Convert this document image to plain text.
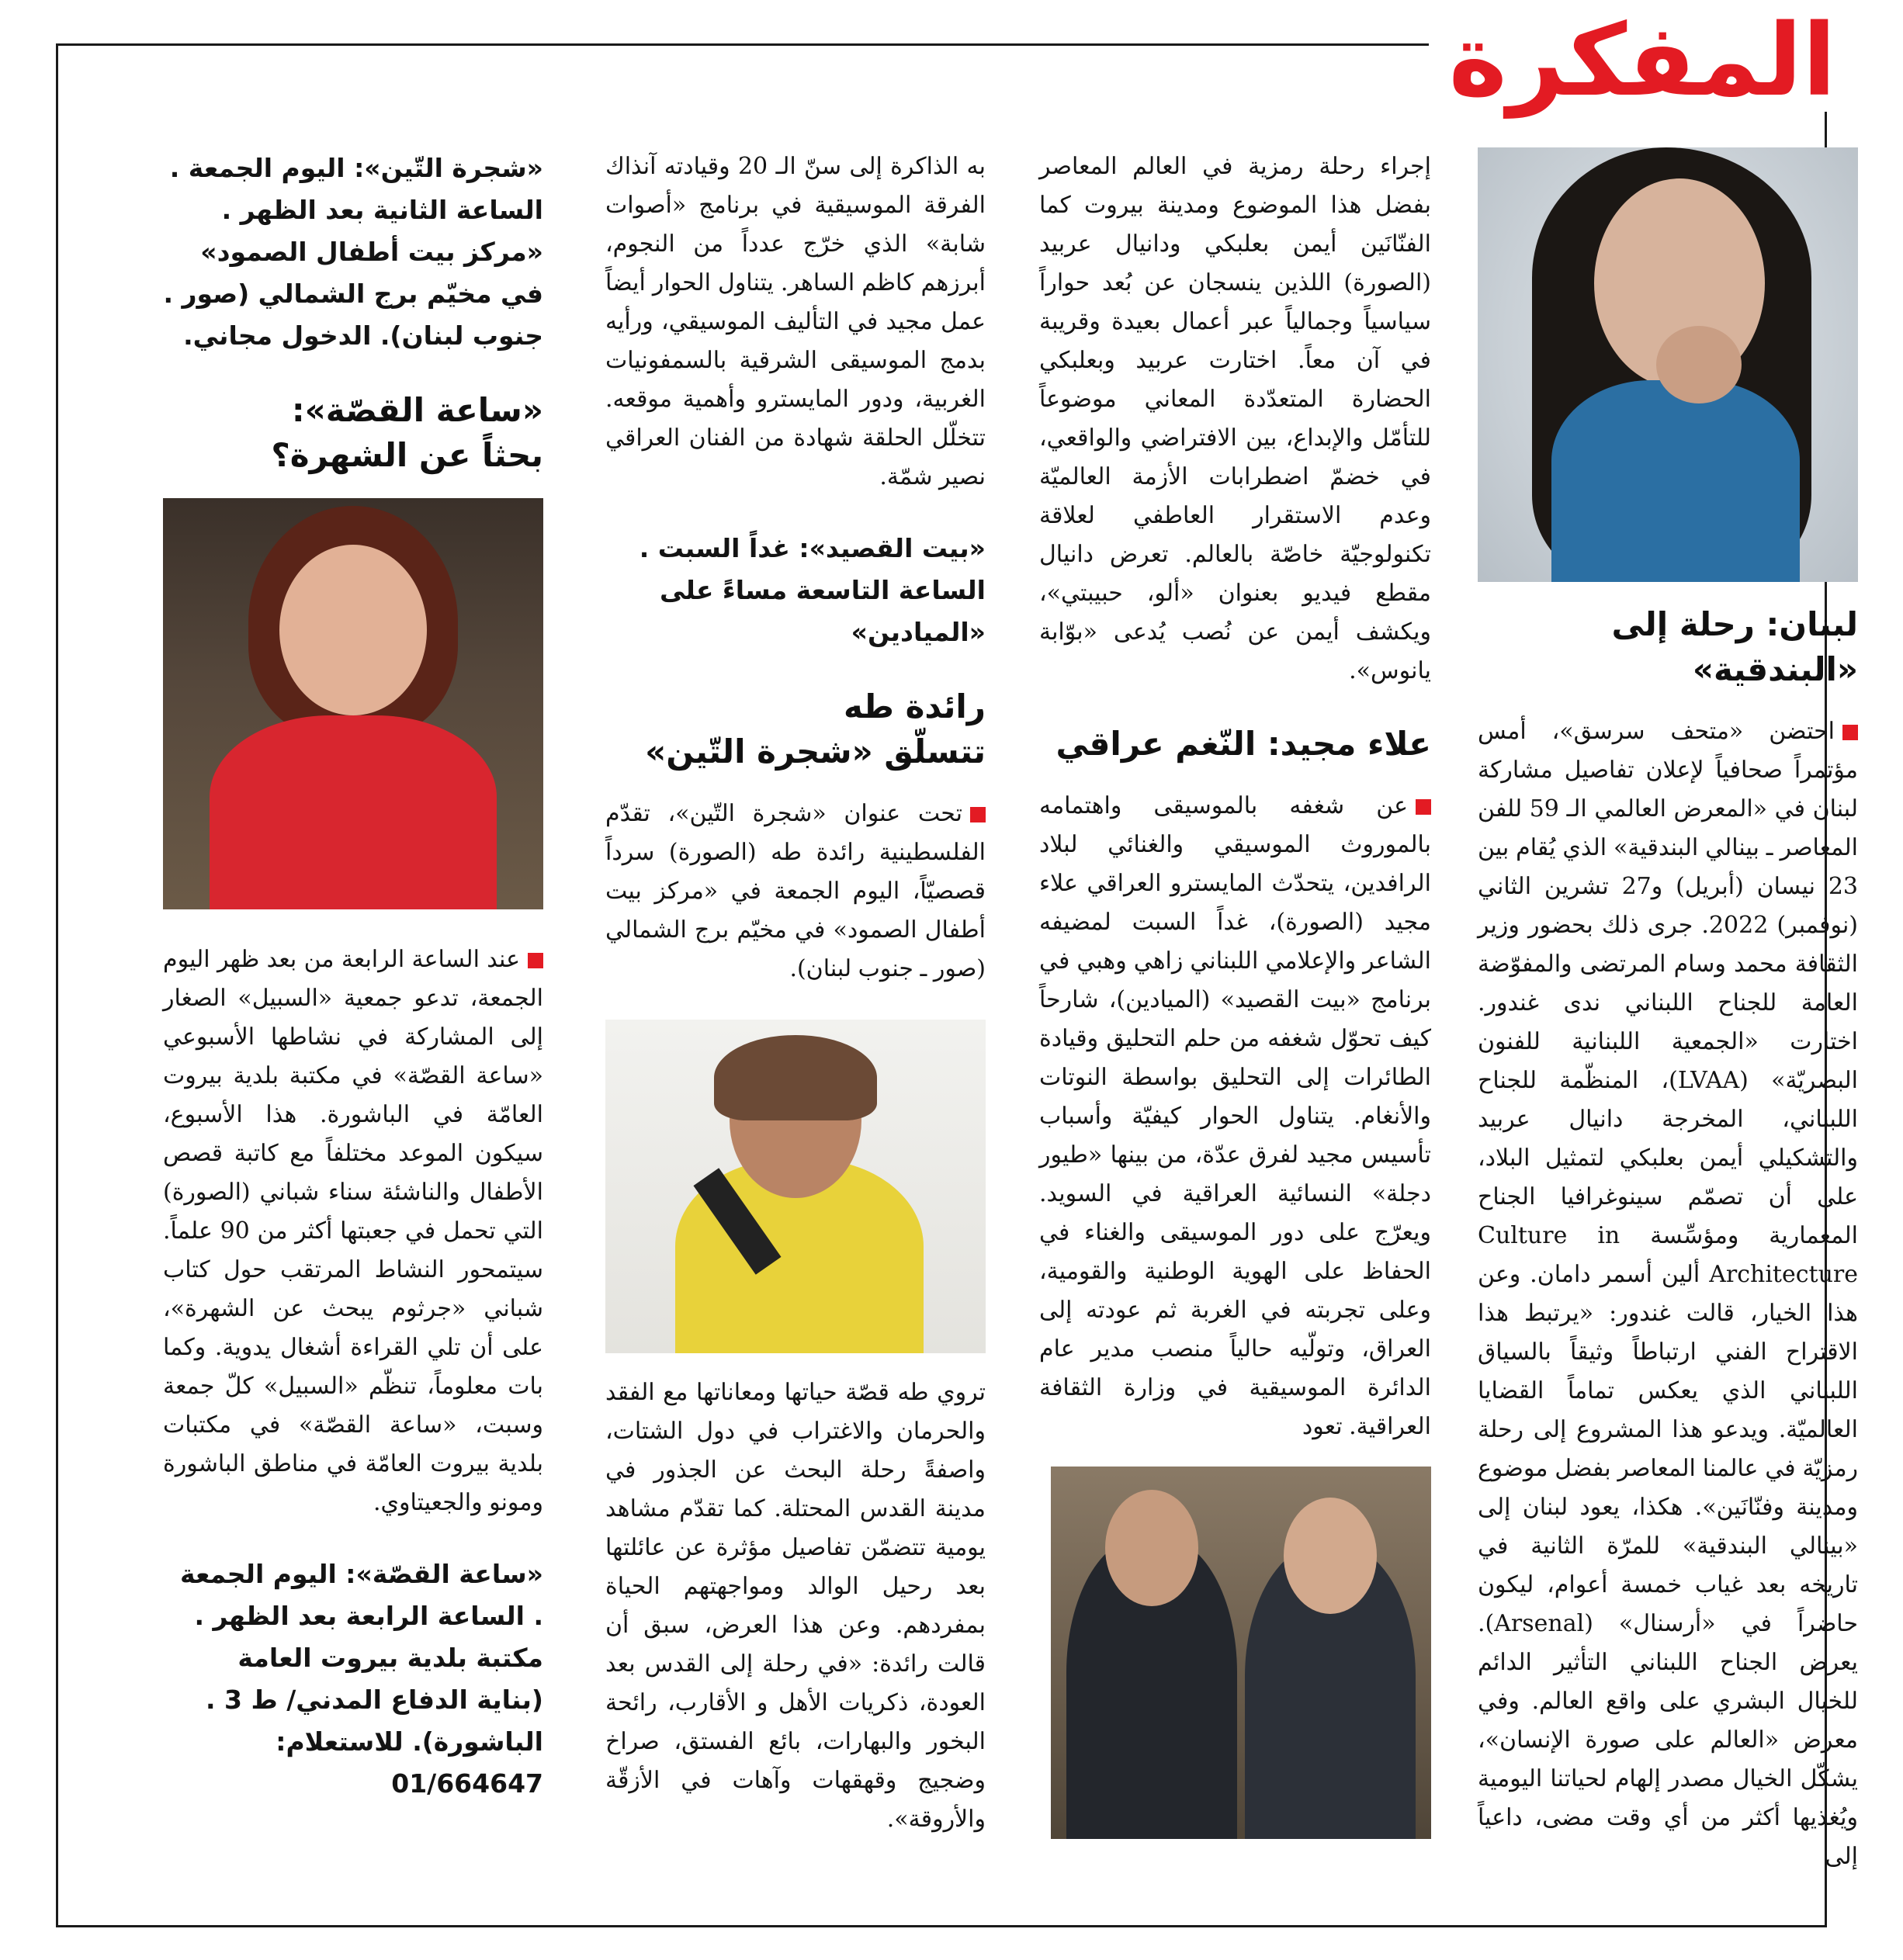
المفكرة
لبنان: رحلة إلى «البندقية»

احتضن «متحف سرسق»، أمس مؤتمراً صحافياً لإعلان تفاصيل مشاركة لبنان في «المعرض العالمي الـ 59 للفن المعاصر ـ بينالي البندقية» الذي يُقام بين 23 نيسان (أبريل) و27 تشرين الثاني (نوفمبر) 2022. جرى ذلك بحضور وزير الثقافة محمد وسام المرتضى والمفوّضة العامة للجناح اللبناني ندى غندور. اختارت «الجمعية اللبنانية للفنون البصريّة» (LVAA)، المنظّمة للجناح اللبناني، المخرجة دانيال عربيد والتشكيلي أيمن بعلبكي لتمثيل البلاد، على أن تصمّم سينوغرافيا الجناح المعمارية ومؤسِّسة Culture in Architecture ألين أسمر دامان. وعن هذا الخيار، قالت غندور: «يرتبط هذا الاقتراح الفني ارتباطاً وثيقاً بالسياق اللبناني الذي يعكس تماماً القضايا العالميّة. ويدعو هذا المشروع إلى رحلة رمزيّة في عالمنا المعاصر بفضل موضوع ومدينة وفنّانَين». هكذا، يعود لبنان إلى «بينالي البندقية» للمرّة الثانية في تاريخه بعد غياب خمسة أعوام، ليكون حاضراً في «أرسنال» (Arsenal). يعرض الجناح اللبناني التأثير الدائم للخيال البشري على واقع العالم. وفي معرض «العالم على صورة الإنسان»، يشكّل الخيال مصدر إلهام لحياتنا اليومية ويُغذيها أكثر من أي وقت مضى، داعياً إلى

إجراء رحلة رمزية في العالم المعاصر بفضل هذا الموضوع ومدينة بيروت كما الفنّانَين أيمن بعلبكي ودانيال عربيد (الصورة) اللذين ينسجان عن بُعد حواراً سياسياً وجمالياً عبر أعمال بعيدة وقريبة في آن معاً. اختارت عربيد وبعلبكي الحضارة المتعدّدة المعاني موضوعاً للتأمّل والإبداع، بين الافتراضي والواقعي، في خضمّ اضطرابات الأزمة العالميّة وعدم الاستقرار العاطفي لعلاقة تكنولوجيّة خاصّة بالعالم. تعرض دانيال مقطع فيديو بعنوان «ألو، حبيبتي»، ويكشف أيمن عن نُصب يُدعى «بوّابة يانوس».

علاء مجيد: النّغم عراقي

عن شغفه بالموسيقى واهتمامه بالموروث الموسيقي والغنائي لبلاد الرافدين، يتحدّث المايسترو العراقي علاء مجيد (الصورة)، غداً السبت لمضيفه الشاعر والإعلامي اللبناني زاهي وهبي في برنامج «بيت القصيد» (الميادين)، شارحاً كيف تحوّل شغفه من حلم التحليق وقيادة الطائرات إلى التحليق بواسطة النوتات والأنغام. يتناول الحوار كيفيّة وأسباب تأسيس مجيد لفرق عدّة، من بينها «طيور دجلة» النسائية العراقية في السويد. ويعرّج على دور الموسيقى والغناء في الحفاظ على الهوية الوطنية والقومية، وعلى تجربته في الغربة ثم عودته إلى العراق، وتولّيه حالياً منصب مدير عام الدائرة الموسيقية في وزارة الثقافة العراقية. تعود

به الذاكرة إلى سنّ الـ 20 وقيادته آنذاك الفرقة الموسيقية في برنامج «أصوات شابة» الذي خرّج عدداً من النجوم، أبرزهم كاظم الساهر. يتناول الحوار أيضاً عمل مجيد في التأليف الموسيقي، ورأيه بدمج الموسيقى الشرقية بالسمفونيات الغربية، ودور المايسترو وأهمية موقعه. تتخلّل الحلقة شهادة من الفنان العراقي نصير شمّة.

«بيت القصيد»: غداً السبت . الساعة التاسعة مساءً على «الميادين»

رائدة طه
تتسلّق «شجرة التّين»

تحت عنوان «شجرة التّين»، تقدّم الفلسطينية رائدة طه (الصورة) سرداً قصصيّاً، اليوم الجمعة في «مركز بيت أطفال الصمود» في مخيّم برج الشمالي (صور ـ جنوب لبنان).

تروي طه قصّة حياتها ومعاناتها مع الفقد والحرمان والاغتراب في دول الشتات، واصفةً رحلة البحث عن الجذور في مدينة القدس المحتلة. كما تقدّم مشاهد يومية تتضمّن تفاصيل مؤثرة عن عائلتها بعد رحيل الوالد ومواجهتهم الحياة بمفردهم. وعن هذا العرض، سبق أن قالت رائدة: «في رحلة إلى القدس بعد العودة، ذكريات الأهل و الأقارب، رائحة البخور والبهارات، بائع الفستق، صراخ وضجيج وقهقهات وآهات في الأزقّة والأروقة».

«شجرة التّين»: اليوم الجمعة . الساعة الثانية بعد الظهر . «مركز بيت أطفال الصمود» في مخيّم برج الشمالي (صور . جنوب لبنان). الدخول مجاني.

«ساعة القصّة»:
بحثاً عن الشهرة؟

عند الساعة الرابعة من بعد ظهر اليوم الجمعة، تدعو جمعية «السبيل» الصغار إلى المشاركة في نشاطها الأسبوعي «ساعة القصّة» في مكتبة بلدية بيروت العامّة في الباشورة. هذا الأسبوع، سيكون الموعد مختلفاً مع كاتبة قصص الأطفال والناشئة سناء شباني (الصورة) التي تحمل في جعبتها أكثر من 90 علماً. سيتمحور النشاط المرتقب حول كتاب شباني «جرثوم يبحث عن الشهرة»، على أن تلي القراءة أشغال يدوية. وكما بات معلوماً، تنظّم «السبيل» كلّ جمعة وسبت، «ساعة القصّة» في مكتبات بلدية بيروت العامّة في مناطق الباشورة ومونو والجعيتاوي.

«ساعة القصّة»: اليوم الجمعة . الساعة الرابعة بعد الظهر . مكتبة بلدية بيروت العامة (بناية الدفاع المدني/ ط 3 . الباشورة). للاستعلام: 01/664647
